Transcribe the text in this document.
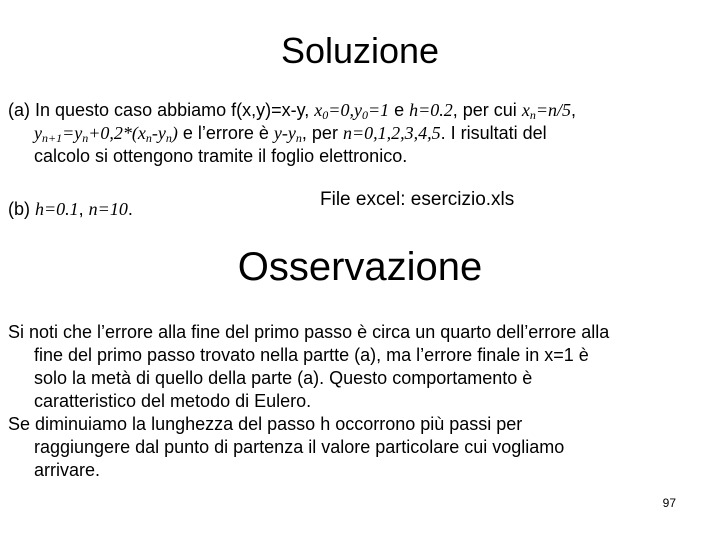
Soluzione
(a) In questo caso abbiamo f(x,y)=x-y, $x_0=0,y_0=1$ e h=0.2, per cui $x_n=n/5$,
$y_{n+1}=y_n+0,2*(x_n-y_n)$ e l’errore è $y-y_n$, per n=0,1,2,3,4,5. I risultati del
calcolo si ottengono tramite il foglio elettronico.
(b) h=0.1, n=10.	File excel: esercizio.xls
Osservazione
Si noti che l’errore alla fine del primo passo è circa un quarto dell’errore alla
fine del primo passo trovato nella partte (a), ma l’errore finale in x=1 è
solo la metà di quello della parte (a). Questo comportamento è
caratteristico del metodo di Eulero.
Se diminuiamo la lunghezza del passo h occorrono più passi per
raggiungere dal punto di partenza il valore particolare cui vogliamo
arrivare.
97
